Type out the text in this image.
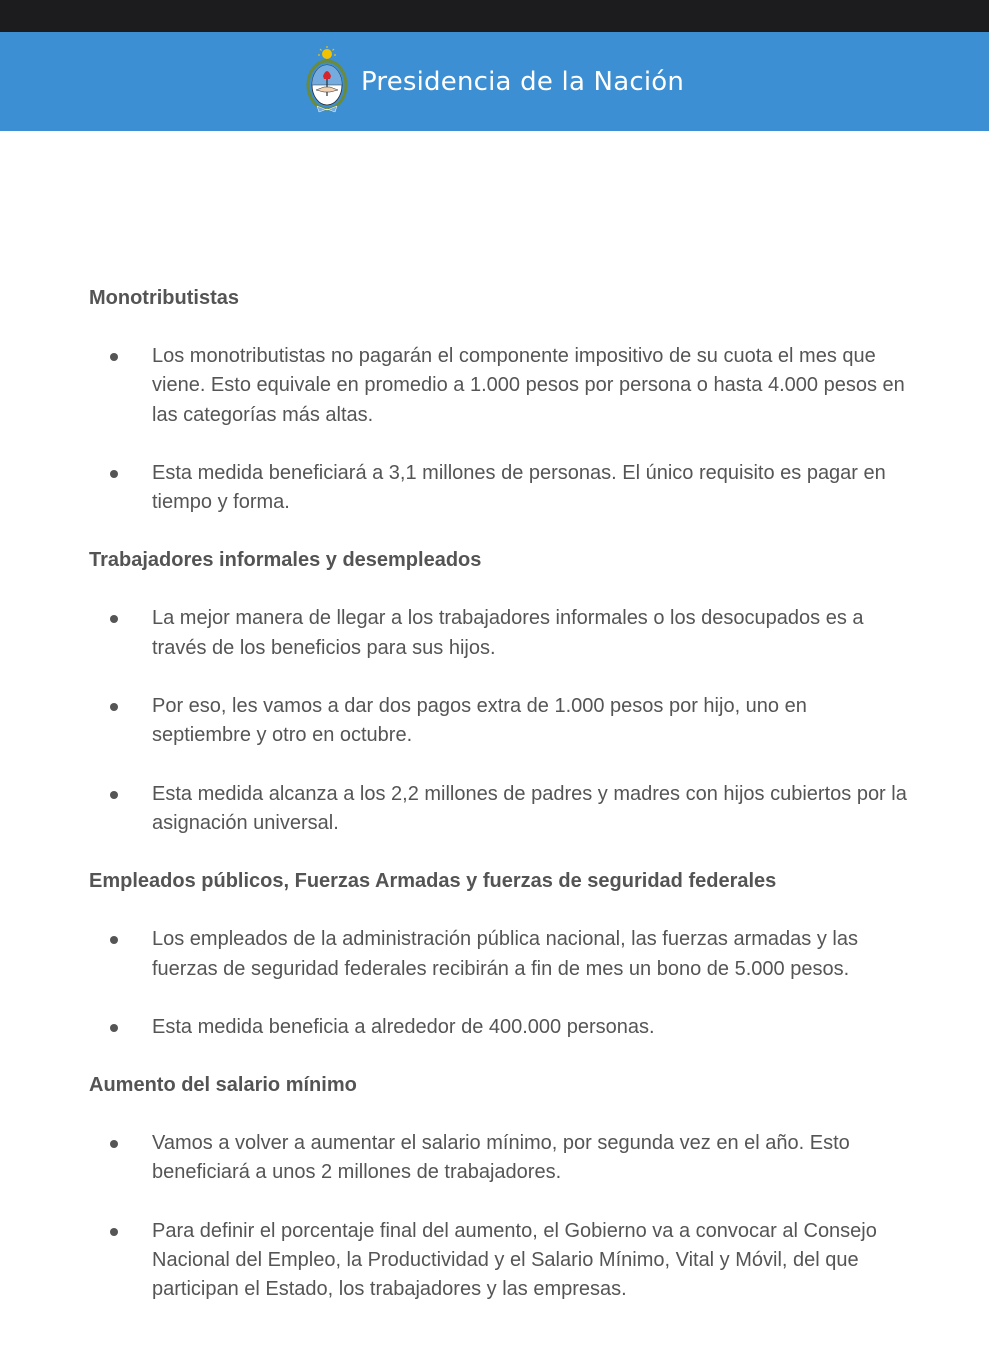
Presidencia de la Nación
Monotributistas
Los monotributistas no pagarán el componente impositivo de su cuota el mes que viene. Esto equivale en promedio a 1.000 pesos por persona o hasta 4.000 pesos en las categorías más altas.
Esta medida beneficiará a 3,1 millones de personas. El único requisito es pagar en tiempo y forma.
Trabajadores informales y desempleados
La mejor manera de llegar a los trabajadores informales o los desocupados es a través de los beneficios para sus hijos.
Por eso, les vamos a dar dos pagos extra de 1.000 pesos por hijo, uno en septiembre y otro en octubre.
Esta medida alcanza a los 2,2 millones de padres y madres con hijos cubiertos por la asignación universal.
Empleados públicos, Fuerzas Armadas y fuerzas de seguridad federales
Los empleados de la administración pública nacional, las fuerzas armadas y las fuerzas de seguridad federales recibirán a fin de mes un bono de 5.000 pesos.
Esta medida beneficia a alrededor de 400.000 personas.
Aumento del salario mínimo
Vamos a volver a aumentar el salario mínimo, por segunda vez en el año. Esto beneficiará a unos 2 millones de trabajadores.
Para definir el porcentaje final del aumento, el Gobierno va a convocar al Consejo Nacional del Empleo, la Productividad y el Salario Mínimo, Vital y Móvil, del que participan el Estado, los trabajadores y las empresas.
